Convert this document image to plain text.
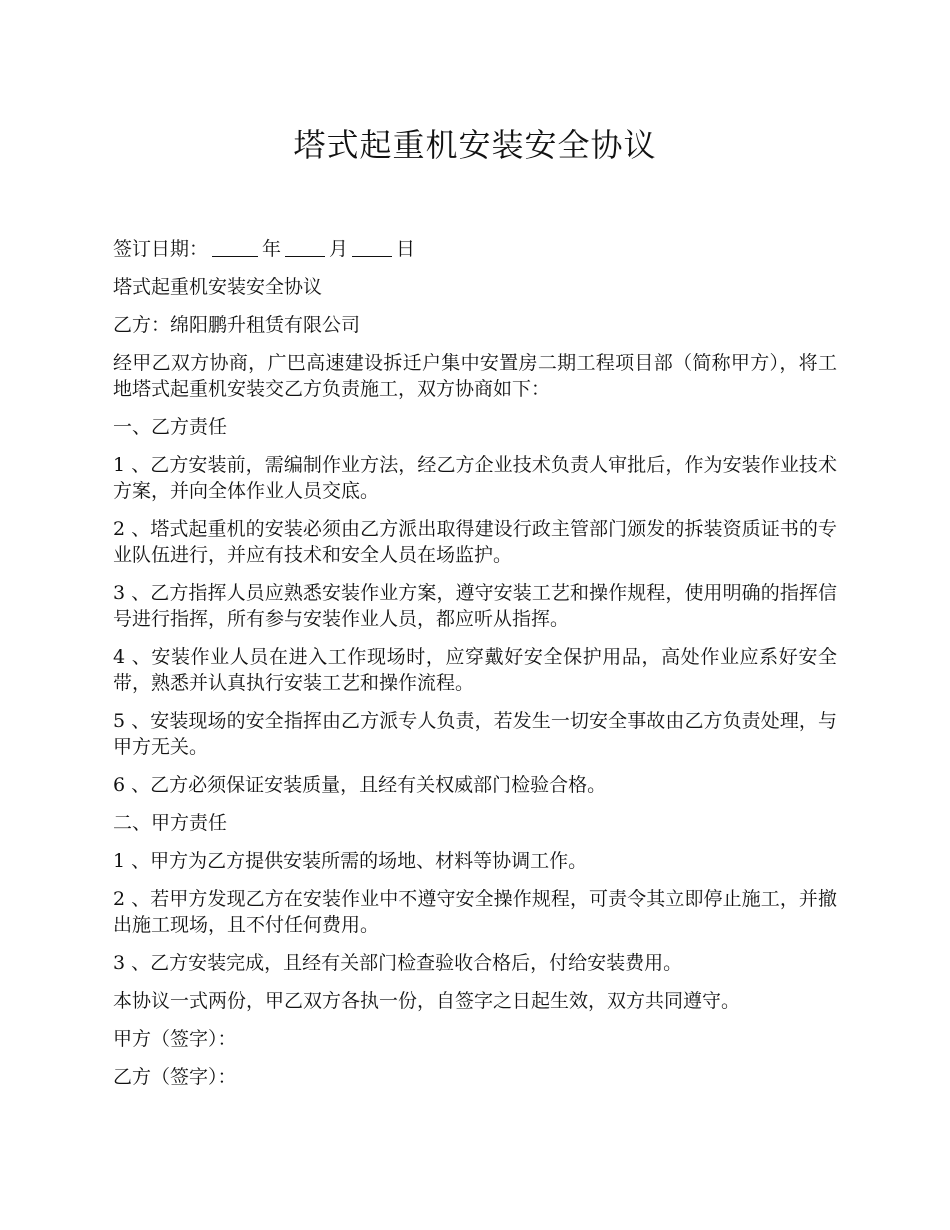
塔式起重机安装安全协议

签订日期：	年	月	日

塔式起重机安装安全协议

乙方：绵阳鹏升租赁有限公司

经甲乙双方协商，广巴高速建设拆迁户集中安置房二期工程项目部（简称甲方），将工地塔式起重机安装交乙方负责施工，双方协商如下：

一、乙方责任

1 、乙方安装前，需编制作业方法，经乙方企业技术负责人审批后，作为安装作业技术方案，并向全体作业人员交底。

2 、塔式起重机的安装必须由乙方派出取得建设行政主管部门颁发的拆装资质证书的专业队伍进行，并应有技术和安全人员在场监护。

3 、乙方指挥人员应熟悉安装作业方案，遵守安装工艺和操作规程，使用明确的指挥信号进行指挥，所有参与安装作业人员，都应听从指挥。

4 、安装作业人员在进入工作现场时，应穿戴好安全保护用品，高处作业应系好安全带，熟悉并认真执行安装工艺和操作流程。

5 、安装现场的安全指挥由乙方派专人负责，若发生一切安全事故由乙方负责处理，与甲方无关。

6 、乙方必须保证安装质量，且经有关权威部门检验合格。

二、甲方责任

1 、甲方为乙方提供安装所需的场地、材料等协调工作。

2 、若甲方发现乙方在安装作业中不遵守安全操作规程，可责令其立即停止施工，并撤出施工现场，且不付任何费用。

3 、乙方安装完成，且经有关部门检查验收合格后，付给安装费用。

本协议一式两份，甲乙双方各执一份，自签字之日起生效，双方共同遵守。

甲方（签字）：

乙方（签字）：
